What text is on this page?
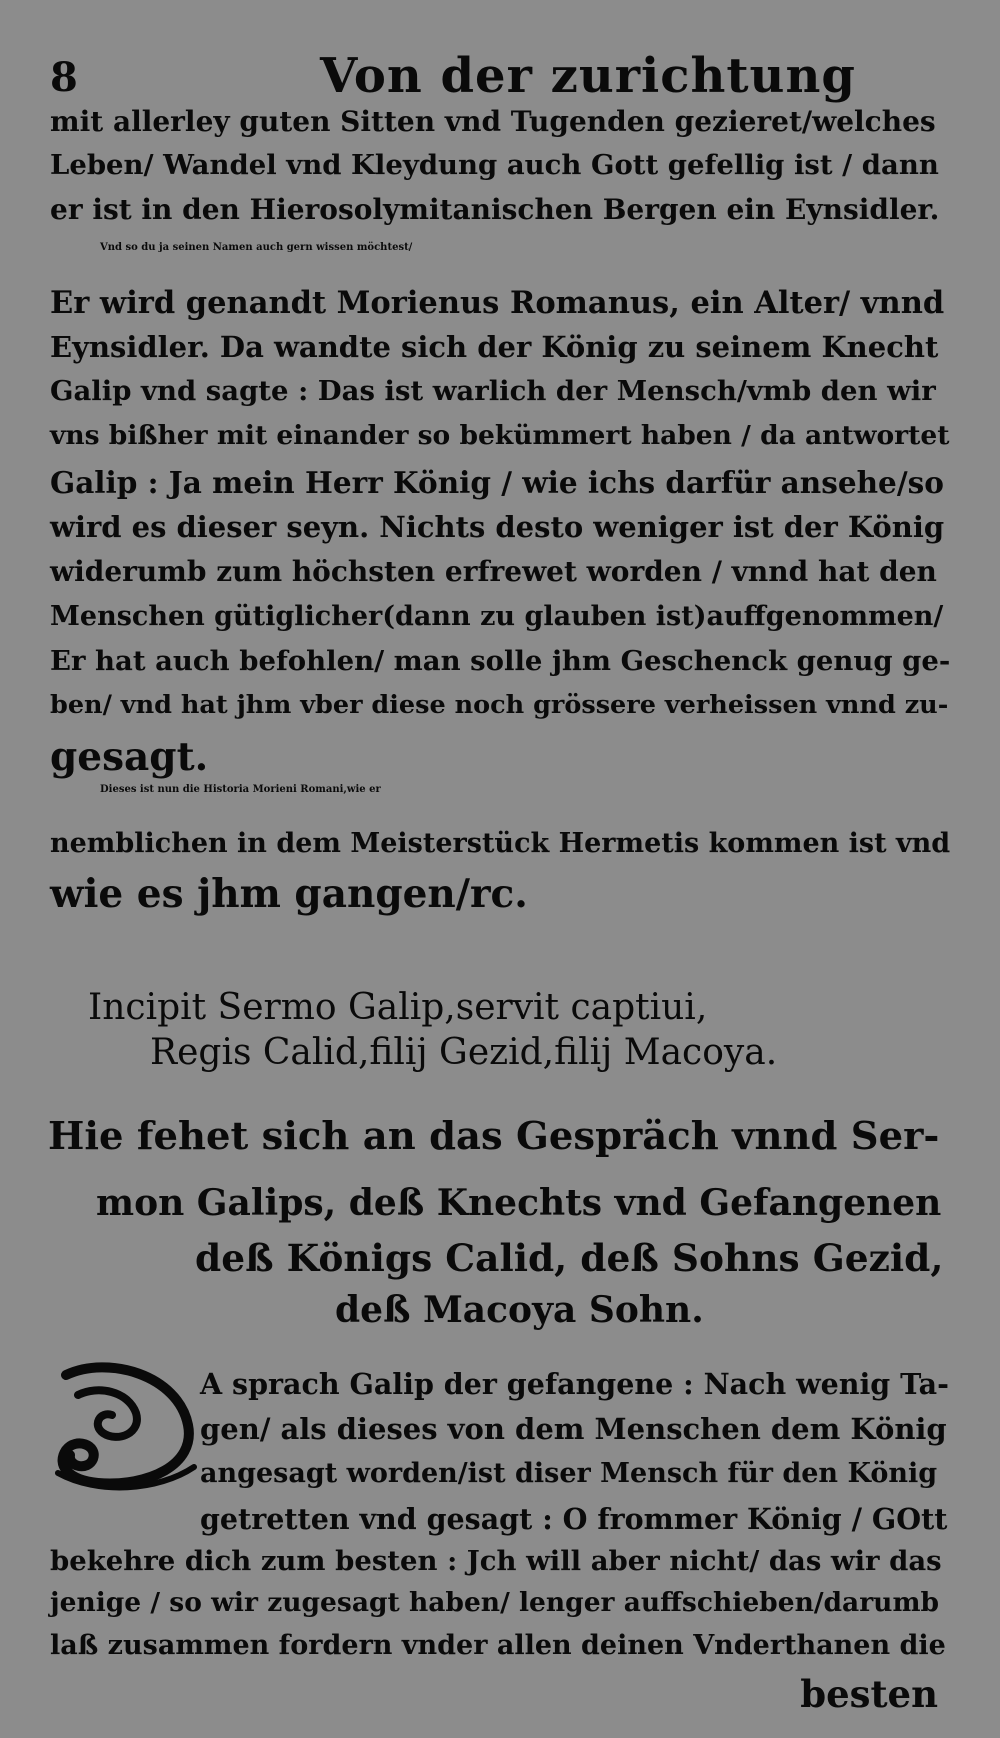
8	Von der zurichtung
mit allerley guten Sitten vnd Tugenden gezieret/welches
Leben/ Wandel vnd Kleydung auch Gott gefellig ist / dann
er ist in den Hierosolymitanischen Bergen ein Eynsidler.
Vnd so du ja seinen Namen auch gern wissen möchtest/
Er wird genandt Morienus Romanus, ein Alter/ vnnd
Eynsidler. Da wandte sich der König zu seinem Knecht
Galip vnd sagte : Das ist warlich der Mensch/vmb den wir
vns bißher mit einander so bekümmert haben / da antwortet
Galip : Ja mein Herr König / wie ichs darfür ansehe/so
wird es dieser seyn. Nichts desto weniger ist der König
widerumb zum höchsten erfrewet worden / vnnd hat den
Menschen gütiglicher(dann zu glauben ist)auffgenommen/
Er hat auch befohlen/ man solle jhm Geschenck genug ge-
ben/ vnd hat jhm vber diese noch grössere verheissen vnnd zu-
gesagt.
Dieses ist nun die Historia Morieni Romani,wie er
nemblichen in dem Meisterstück Hermetis kommen ist vnd
wie es jhm gangen/rc.
Incipit Sermo Galip,servit captiui,
Regis Calid,filij Gezid,filij Macoya.
Hie fehet sich an das Gespräch vnnd Ser-
mon Galips, deß Knechts vnd Gefangenen
deß Königs Calid, deß Sohns Gezid,
deß Macoya Sohn.
A sprach Galip der gefangene : Nach wenig Ta-
gen/ als dieses von dem Menschen dem König
angesagt worden/ist diser Mensch für den König
getretten vnd gesagt : O frommer König / GOtt
bekehre dich zum besten : Jch will aber nicht/ das wir das
jenige / so wir zugesagt haben/ lenger auffschieben/darumb
laß zusammen fordern vnder allen deinen Vnderthanen die
besten
